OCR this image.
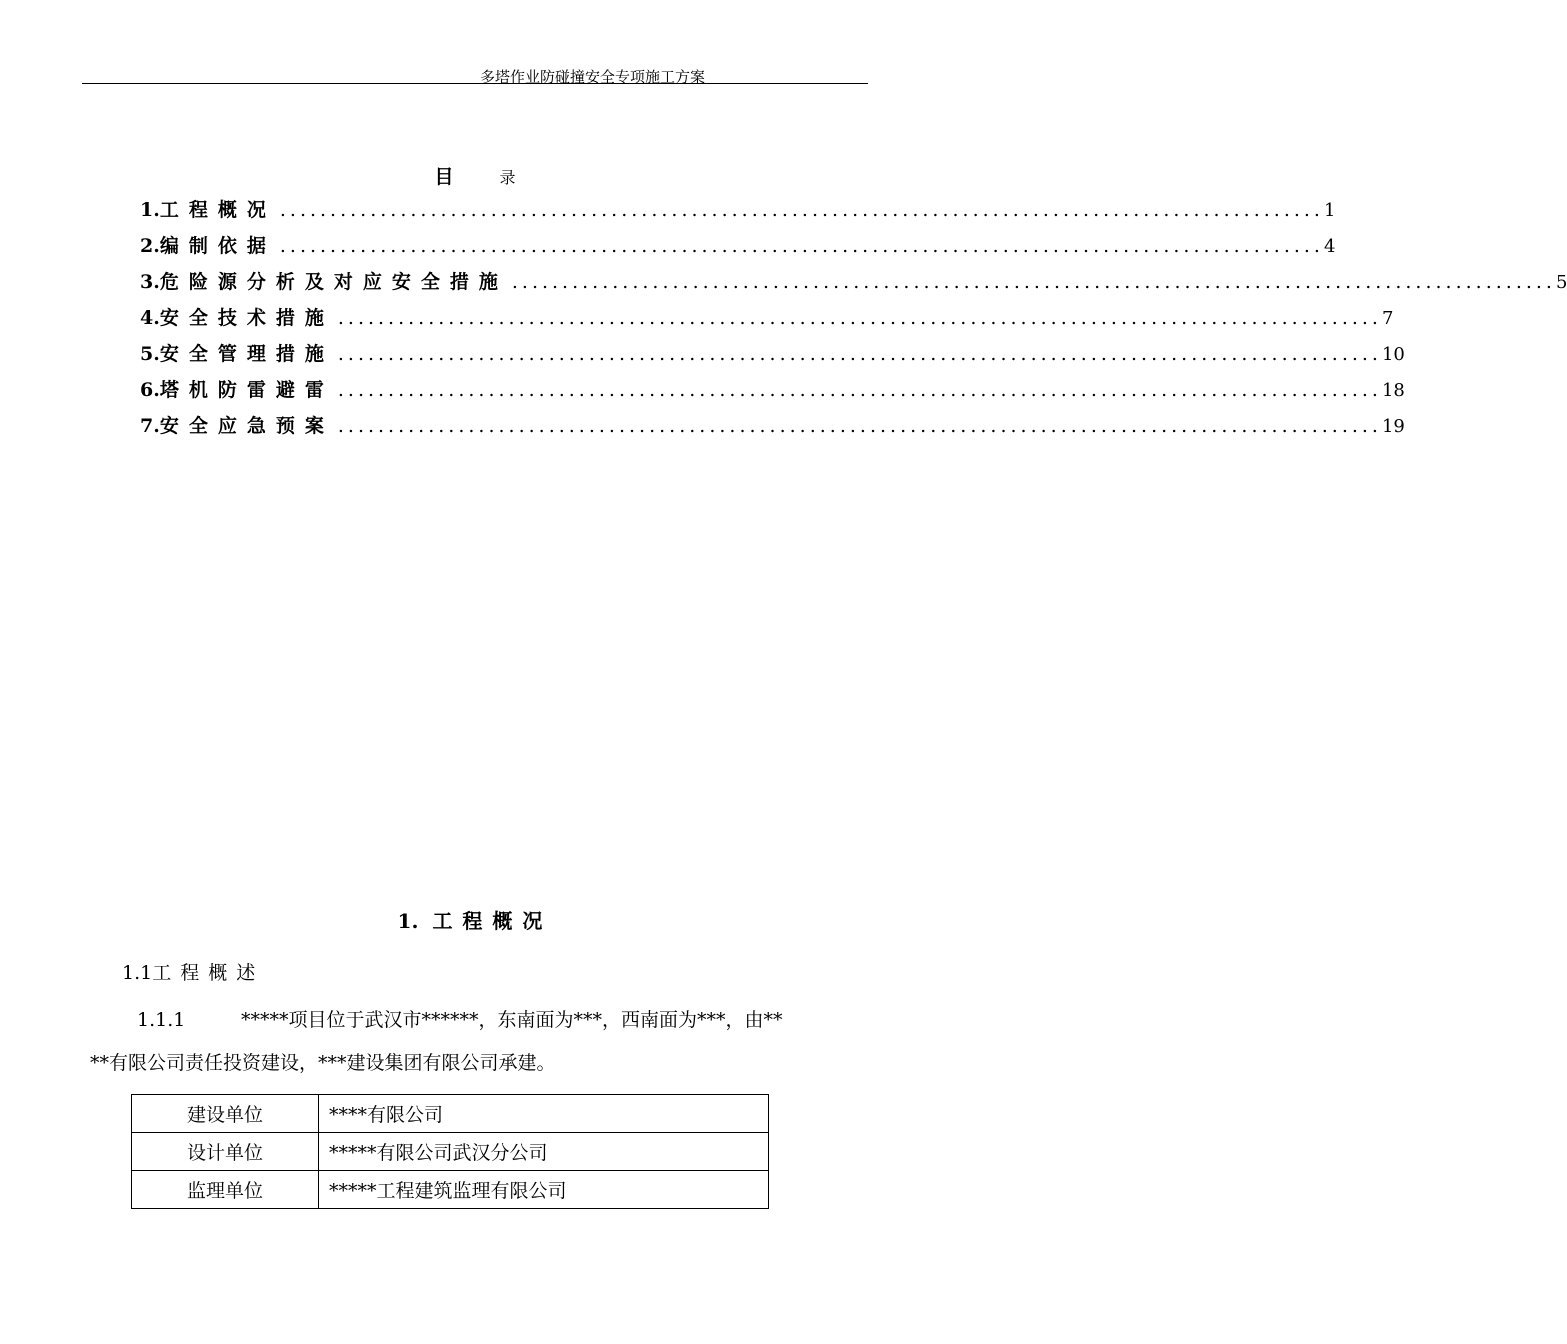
多塔作业防碰撞安全专项施工方案
目	录
1. 工程概况 ........................................................................................................ 1
2. 编制依据 ........................................................................................................ 4
3. 危险源分析及对应安全措施 ........................................................................................................ 5
4. 安全技术措施 ........................................................................................................ 7
5. 安全管理措施 ........................................................................................................ 10
6. 塔机防雷避雷 ........................................................................................................ 18
7. 安全应急预案 ........................................................................................................ 19
1. 工程概况
1.1工程概述
1.1.1	*****项目位于武汉市******，东南面为***，西南面为***，由**
**有限公司责任投资建设，***建设集团有限公司承建。
建设单位	****有限公司
设计单位	*****有限公司武汉分公司
监理单位	*****工程建筑监理有限公司
